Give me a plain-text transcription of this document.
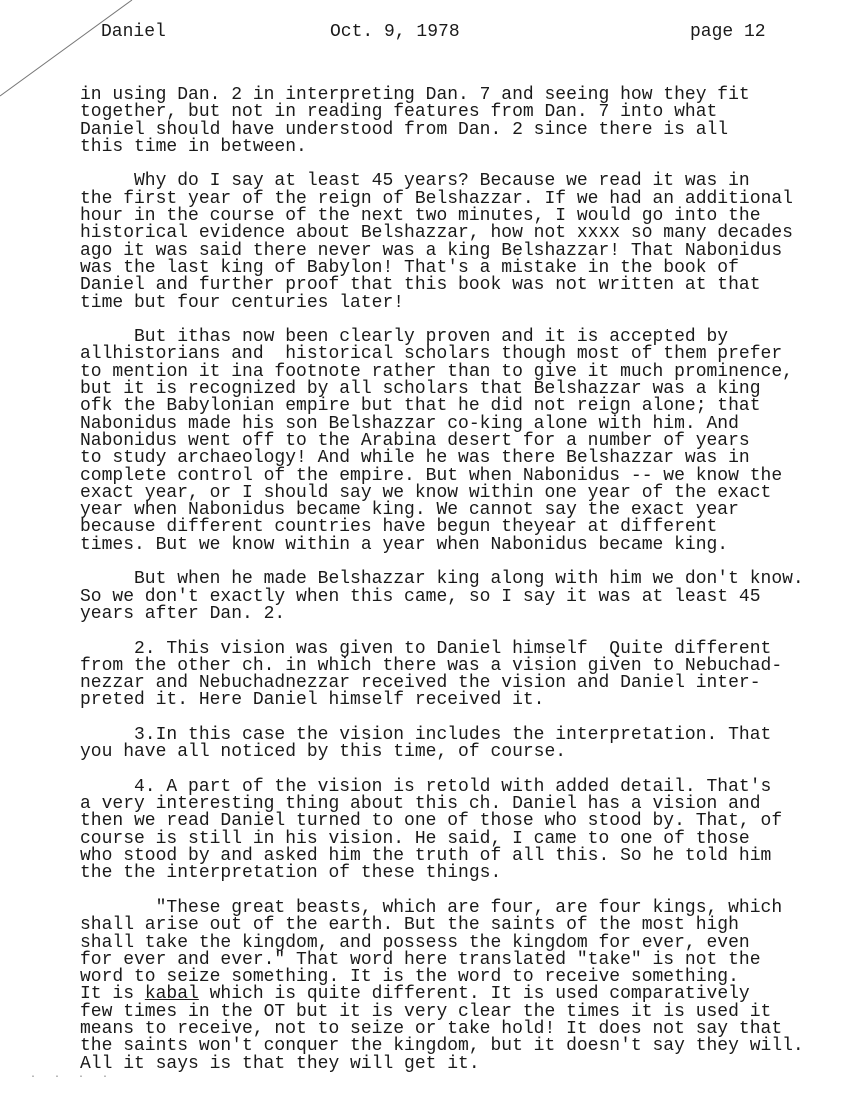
Daniel	Oct. 9, 1978	page 12
in using Dan. 2 in interpreting Dan. 7 and seeing how they fit
together, but not in reading features from Dan. 7 into what
Daniel should have understood from Dan. 2 since there is all
this time in between.
Why do I say at least 45 years? Because we read it was in
the first year of the reign of Belshazzar. If we had an additional
hour in the course of the next two minutes, I would go into the
historical evidence about Belshazzar, how not xxxx so many decades
ago it was said there never was a king Belshazzar! That Nabonidus
was the last king of Babylon! That's a mistake in the book of
Daniel and further proof that this book was not written at that
time but four centuries later!
But ithas now been clearly proven and it is accepted by
allhistorians and  historical scholars though most of them prefer
to mention it ina footnote rather than to give it much prominence,
but it is recognized by all scholars that Belshazzar was a king
ofk the Babylonian empire but that he did not reign alone; that
Nabonidus made his son Belshazzar co-king alone with him. And
Nabonidus went off to the Arabina desert for a number of years
to study archaeology! And while he was there Belshazzar was in
complete control of the empire. But when Nabonidus -- we know the
exact year, or I should say we know within one year of the exact
year when Nabonidus became king. We cannot say the exact year
because different countries have begun theyear at different
times. But we know within a year when Nabonidus became king.
But when he made Belshazzar king along with him we don't know.
So we don't exactly when this came, so I say it was at least 45
years after Dan. 2.
2. This vision was given to Daniel himself  Quite different
from the other ch. in which there was a vision given to Nebuchad-
nezzar and Nebuchadnezzar received the vision and Daniel inter-
preted it. Here Daniel himself received it.
3.In this case the vision includes the interpretation. That
you have all noticed by this time, of course.
4. A part of the vision is retold with added detail. That's
a very interesting thing about this ch. Daniel has a vision and
then we read Daniel turned to one of those who stood by. That, of
course is still in his vision. He said, I came to one of those
who stood by and asked him the truth of all this. So he told him
the the interpretation of these things.
"These great beasts, which are four, are four kings, which
shall arise out of the earth. But the saints of the most high
shall take the kingdom, and possess the kingdom for ever, even
for ever and ever." That word here translated "take" is not the
word to seize something. It is the word to receive something.
It is kabal which is quite different. It is used comparatively
few times in the OT but it is very clear the times it is used it
means to receive, not to seize or take hold! It does not say that
the saints won't conquer the kingdom, but it doesn't say they will.
All it says is that they will get it.
· · · ·
